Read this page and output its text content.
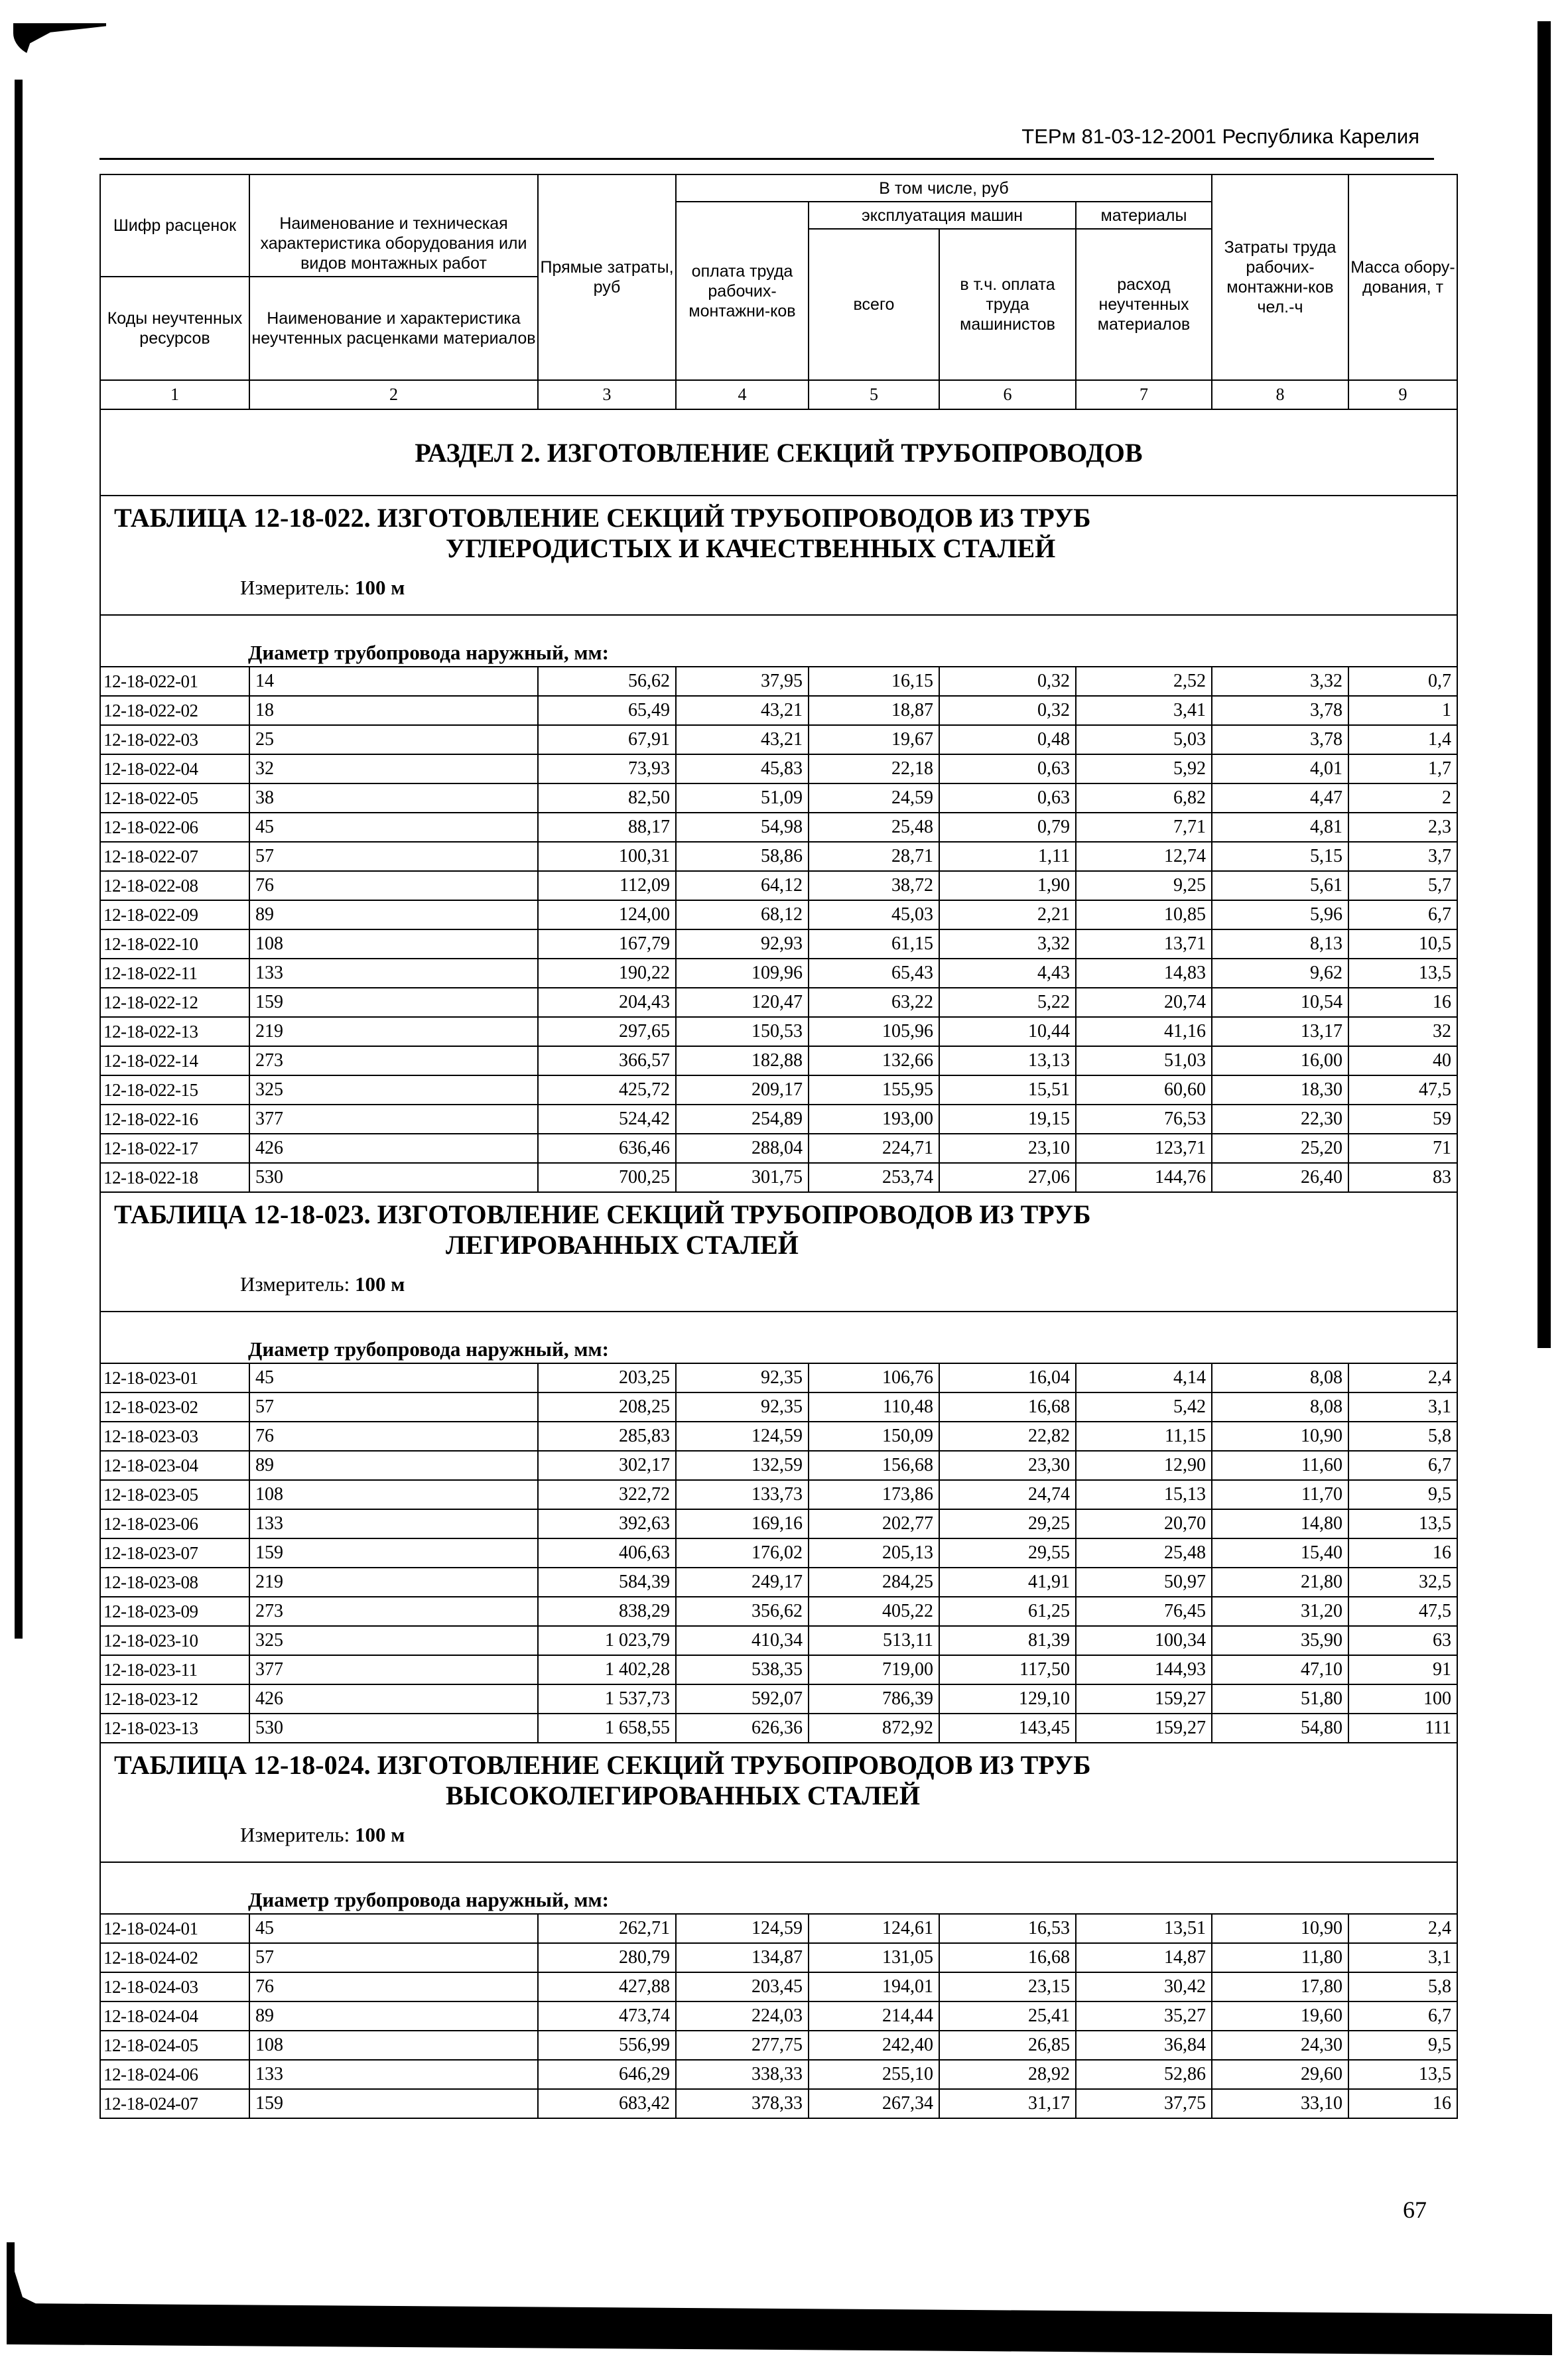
ТЕРм 81-03-12-2001 Республика Карелия
Шифр расценок	Наименование и техническая характеристика оборудования или видов монтажных работ	Прямые затраты, руб	В том числе, руб				Затраты труда рабочих-монтажни-ков чел.-ч	Масса обору-дования, т
			оплата труда рабочих-монтажни-ков	эксплуатация машин		материалы		
				всего	в т.ч. оплата труда машинистов	расход неучтенных материалов		
Коды неучтенных ресурсов	Наименование и характеристика неучтенных расценками материалов							

1	2	3	4	5	6	7	8	9
РАЗДЕЛ 2. ИЗГОТОВЛЕНИЕ СЕКЦИЙ ТРУБОПРОВОДОВ								

ТАБЛИЦА 12-18-022. ИЗГОТОВЛЕНИЕ СЕКЦИЙ ТРУБОПРОВОДОВ ИЗ ТРУБ
УГЛЕРОДИСТЫХ И КАЧЕСТВЕННЫХ СТАЛЕЙ
Измеритель: 100 м								

Диаметр трубопровода наружный, мм:								
12-18-022-01	14	56,62	37,95	16,15	0,32	2,52	3,32	0,7
12-18-022-02	18	65,49	43,21	18,87	0,32	3,41	3,78	1
12-18-022-03	25	67,91	43,21	19,67	0,48	5,03	3,78	1,4
12-18-022-04	32	73,93	45,83	22,18	0,63	5,92	4,01	1,7
12-18-022-05	38	82,50	51,09	24,59	0,63	6,82	4,47	2
12-18-022-06	45	88,17	54,98	25,48	0,79	7,71	4,81	2,3
12-18-022-07	57	100,31	58,86	28,71	1,11	12,74	5,15	3,7
12-18-022-08	76	112,09	64,12	38,72	1,90	9,25	5,61	5,7
12-18-022-09	89	124,00	68,12	45,03	2,21	10,85	5,96	6,7
12-18-022-10	108	167,79	92,93	61,15	3,32	13,71	8,13	10,5
12-18-022-11	133	190,22	109,96	65,43	4,43	14,83	9,62	13,5
12-18-022-12	159	204,43	120,47	63,22	5,22	20,74	10,54	16
12-18-022-13	219	297,65	150,53	105,96	10,44	41,16	13,17	32
12-18-022-14	273	366,57	182,88	132,66	13,13	51,03	16,00	40
12-18-022-15	325	425,72	209,17	155,95	15,51	60,60	18,30	47,5
12-18-022-16	377	524,42	254,89	193,00	19,15	76,53	22,30	59
12-18-022-17	426	636,46	288,04	224,71	23,10	123,71	25,20	71
12-18-022-18	530	700,25	301,75	253,74	27,06	144,76	26,40	83

ТАБЛИЦА 12-18-023. ИЗГОТОВЛЕНИЕ СЕКЦИЙ ТРУБОПРОВОДОВ ИЗ ТРУБ
ЛЕГИРОВАННЫХ СТАЛЕЙ
Измеритель: 100 м								

Диаметр трубопровода наружный, мм:								
12-18-023-01	45	203,25	92,35	106,76	16,04	4,14	8,08	2,4
12-18-023-02	57	208,25	92,35	110,48	16,68	5,42	8,08	3,1
12-18-023-03	76	285,83	124,59	150,09	22,82	11,15	10,90	5,8
12-18-023-04	89	302,17	132,59	156,68	23,30	12,90	11,60	6,7
12-18-023-05	108	322,72	133,73	173,86	24,74	15,13	11,70	9,5
12-18-023-06	133	392,63	169,16	202,77	29,25	20,70	14,80	13,5
12-18-023-07	159	406,63	176,02	205,13	29,55	25,48	15,40	16
12-18-023-08	219	584,39	249,17	284,25	41,91	50,97	21,80	32,5
12-18-023-09	273	838,29	356,62	405,22	61,25	76,45	31,20	47,5
12-18-023-10	325	1 023,79	410,34	513,11	81,39	100,34	35,90	63
12-18-023-11	377	1 402,28	538,35	719,00	117,50	144,93	47,10	91
12-18-023-12	426	1 537,73	592,07	786,39	129,10	159,27	51,80	100
12-18-023-13	530	1 658,55	626,36	872,92	143,45	159,27	54,80	111

ТАБЛИЦА 12-18-024. ИЗГОТОВЛЕНИЕ СЕКЦИЙ ТРУБОПРОВОДОВ ИЗ ТРУБ
ВЫСОКОЛЕГИРОВАННЫХ СТАЛЕЙ
Измеритель: 100 м								

Диаметр трубопровода наружный, мм:								
12-18-024-01	45	262,71	124,59	124,61	16,53	13,51	10,90	2,4
12-18-024-02	57	280,79	134,87	131,05	16,68	14,87	11,80	3,1
12-18-024-03	76	427,88	203,45	194,01	23,15	30,42	17,80	5,8
12-18-024-04	89	473,74	224,03	214,44	25,41	35,27	19,60	6,7
12-18-024-05	108	556,99	277,75	242,40	26,85	36,84	24,30	9,5
12-18-024-06	133	646,29	338,33	255,10	28,92	52,86	29,60	13,5
12-18-024-07	159	683,42	378,33	267,34	31,17	37,75	33,10	16
67
